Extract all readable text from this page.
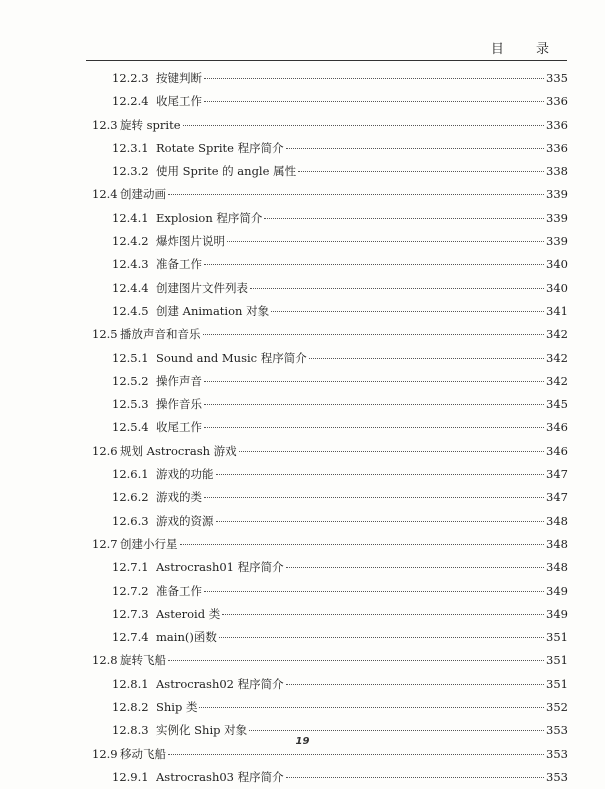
目 录
12.2.3 按键判断	335
12.2.4 收尾工作	336
12.3 旋转 sprite	336
12.3.1 Rotate Sprite 程序简介	336
12.3.2 使用 Sprite 的 angle 属性	338
12.4 创建动画	339
12.4.1 Explosion 程序简介	339
12.4.2 爆炸图片说明	339
12.4.3 准备工作	340
12.4.4 创建图片文件列表	340
12.4.5 创建 Animation 对象	341
12.5 播放声音和音乐	342
12.5.1 Sound and Music 程序简介	342
12.5.2 操作声音	342
12.5.3 操作音乐	345
12.5.4 收尾工作	346
12.6 规划 Astrocrash 游戏	346
12.6.1 游戏的功能	347
12.6.2 游戏的类	347
12.6.3 游戏的资源	348
12.7 创建小行星	348
12.7.1 Astrocrash01 程序简介	348
12.7.2 准备工作	349
12.7.3 Asteroid 类	349
12.7.4 main()函数	351
12.8 旋转飞船	351
12.8.1 Astrocrash02 程序简介	351
12.8.2 Ship 类	352
12.8.3 实例化 Ship 对象	353
12.9 移动飞船	353
12.9.1 Astrocrash03 程序简介	353
19
